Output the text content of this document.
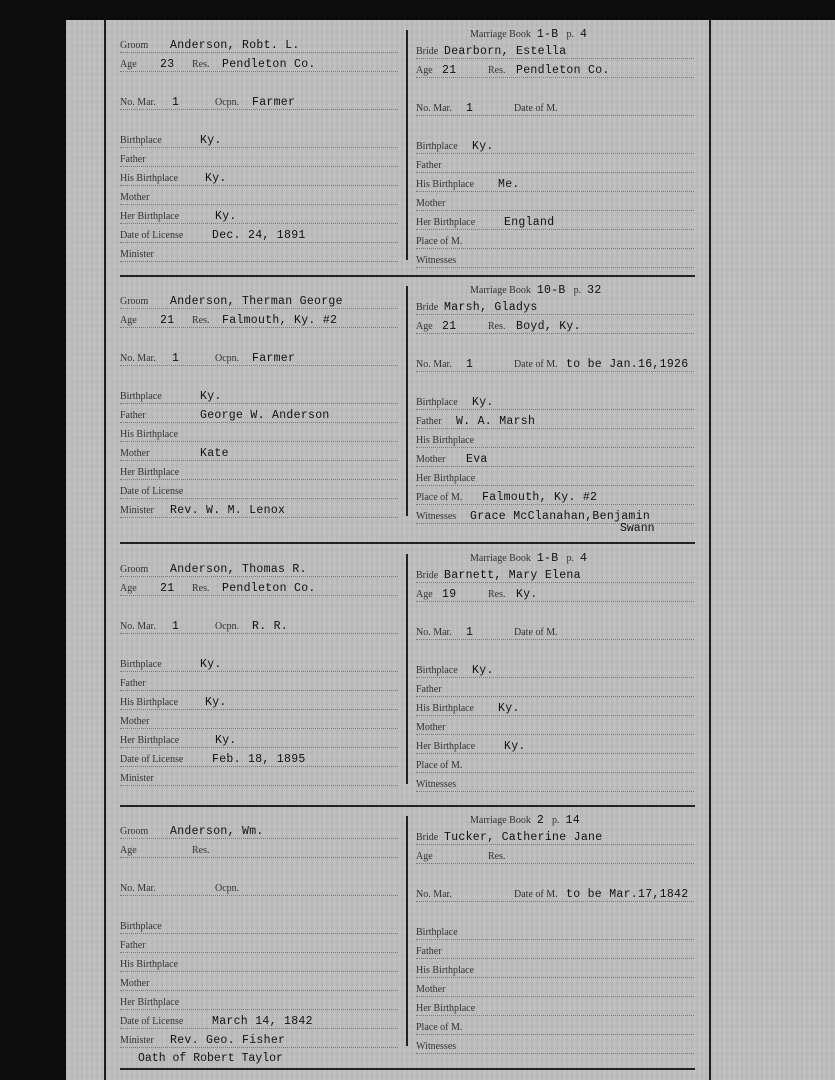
Groom Anderson, Robt. L.
Age 23 Res. Pendleton Co.
No. Mar. 1	Ocpn. Farmer
Birthplace	Ky.
Father
His Birthplace Ky.
Mother
Her Birthplace	Ky.
Date of License Dec. 24, 1891
Minister
Marriage Book 1-B p. 4
Bride Dearborn, Estella
Age 21	Res. Pendleton Co.
No. Mar. 1	Date of M.
Birthplace Ky.
Father
His Birthplace Me.
Mother
Her Birthplace	England
Place of M.
Witnesses
Groom Anderson, Therman George
Age 21 Res. Falmouth, Ky. #2
No. Mar. 1	Ocpn. Farmer
Birthplace	Ky.
Father	George W. Anderson
His Birthplace
Mother	Kate
Her Birthplace
Date of License
Minister Rev. W. M. Lenox
Marriage Book 10-B p. 32
Bride Marsh, Gladys
Age 21	Res. Boyd, Ky.
No. Mar. 1	Date of M. to be Jan.16,1926
Birthplace Ky.
Father W. A. Marsh
His Birthplace
Mother Eva
Her Birthplace
Place of M. Falmouth, Ky. #2
Witnesses Grace McClanahan,Benjamin
Swann
Groom Anderson, Thomas R.
Age 21 Res. Pendleton Co.
No. Mar. 1	Ocpn. R. R.
Birthplace	Ky.
Father
His Birthplace Ky.
Mother
Her Birthplace	Ky.
Date of License Feb. 18, 1895
Minister
Marriage Book 1-B p. 4
Bride Barnett, Mary Elena
Age 19	Res. Ky.
No. Mar. 1	Date of M.
Birthplace Ky.
Father
His Birthplace Ky.
Mother
Her Birthplace	Ky.
Place of M.
Witnesses
Groom Anderson, Wm.
Age	Res.
No. Mar.	Ocpn.
Birthplace
Father
His Birthplace
Mother
Her Birthplace
Date of License March 14, 1842
Minister Rev. Geo. Fisher
Marriage Book 2 p. 14
Bride Tucker, Catherine Jane
Age	Res.
No. Mar.	Date of M. to be Mar.17,1842
Birthplace
Father
His Birthplace
Mother
Her Birthplace
Place of M.
Witnesses
Oath of Robert Taylor
